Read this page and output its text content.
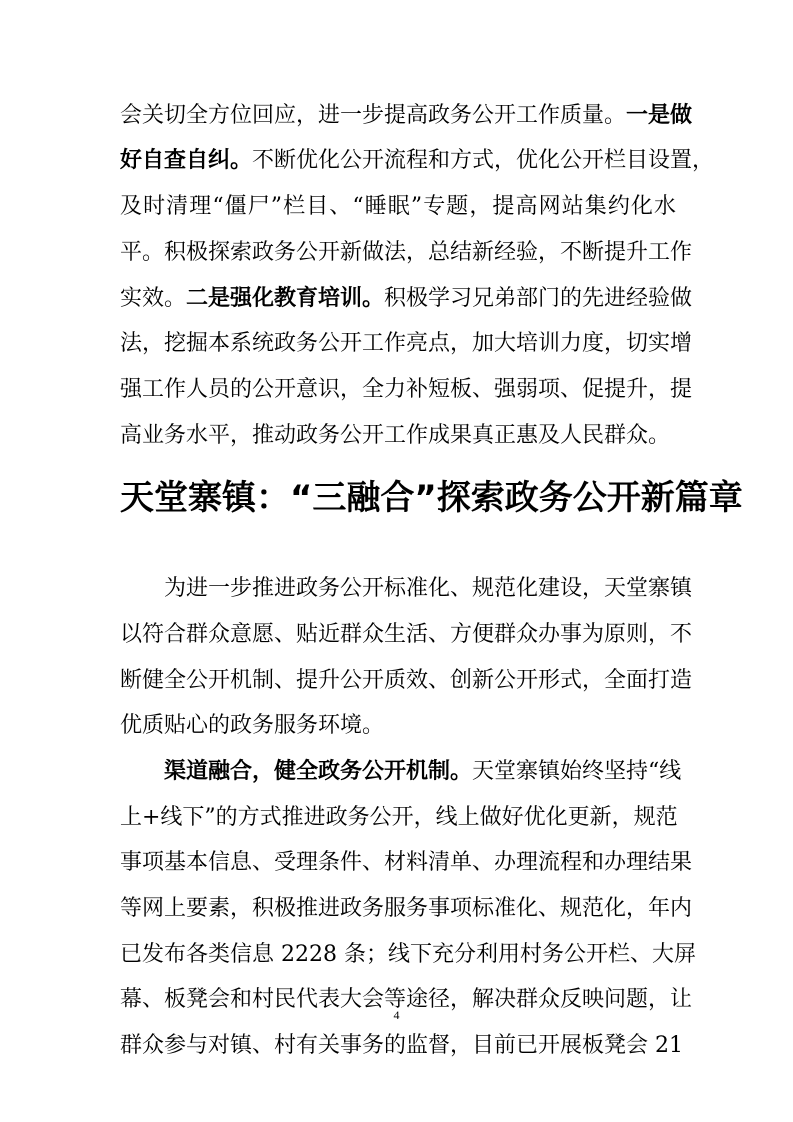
会关切全方位回应，进一步提高政务公开工作质量。一是做
好自查自纠。不断优化公开流程和方式，优化公开栏目设置，
及时清理“僵尸”栏目、“睡眠”专题，提高网站集约化水
平。积极探索政务公开新做法，总结新经验，不断提升工作
实效。二是强化教育培训。积极学习兄弟部门的先进经验做
法，挖掘本系统政务公开工作亮点，加大培训力度，切实增
强工作人员的公开意识，全力补短板、强弱项、促提升，提
高业务水平，推动政务公开工作成果真正惠及人民群众。
天堂寨镇：“三融合”探索政务公开新篇章
为进一步推进政务公开标准化、规范化建设，天堂寨镇
以符合群众意愿、贴近群众生活、方便群众办事为原则，不
断健全公开机制、提升公开质效、创新公开形式，全面打造
优质贴心的政务服务环境。
渠道融合，健全政务公开机制。天堂寨镇始终坚持“线
上+线下”的方式推进政务公开，线上做好优化更新，规范
事项基本信息、受理条件、材料清单、办理流程和办理结果
等网上要素，积极推进政务服务事项标准化、规范化，年内
已发布各类信息 2228 条；线下充分利用村务公开栏、大屏
幕、板凳会和村民代表大会等途径，解决群众反映问题，让
群众参与对镇、村有关事务的监督，目前已开展板凳会 21
4
